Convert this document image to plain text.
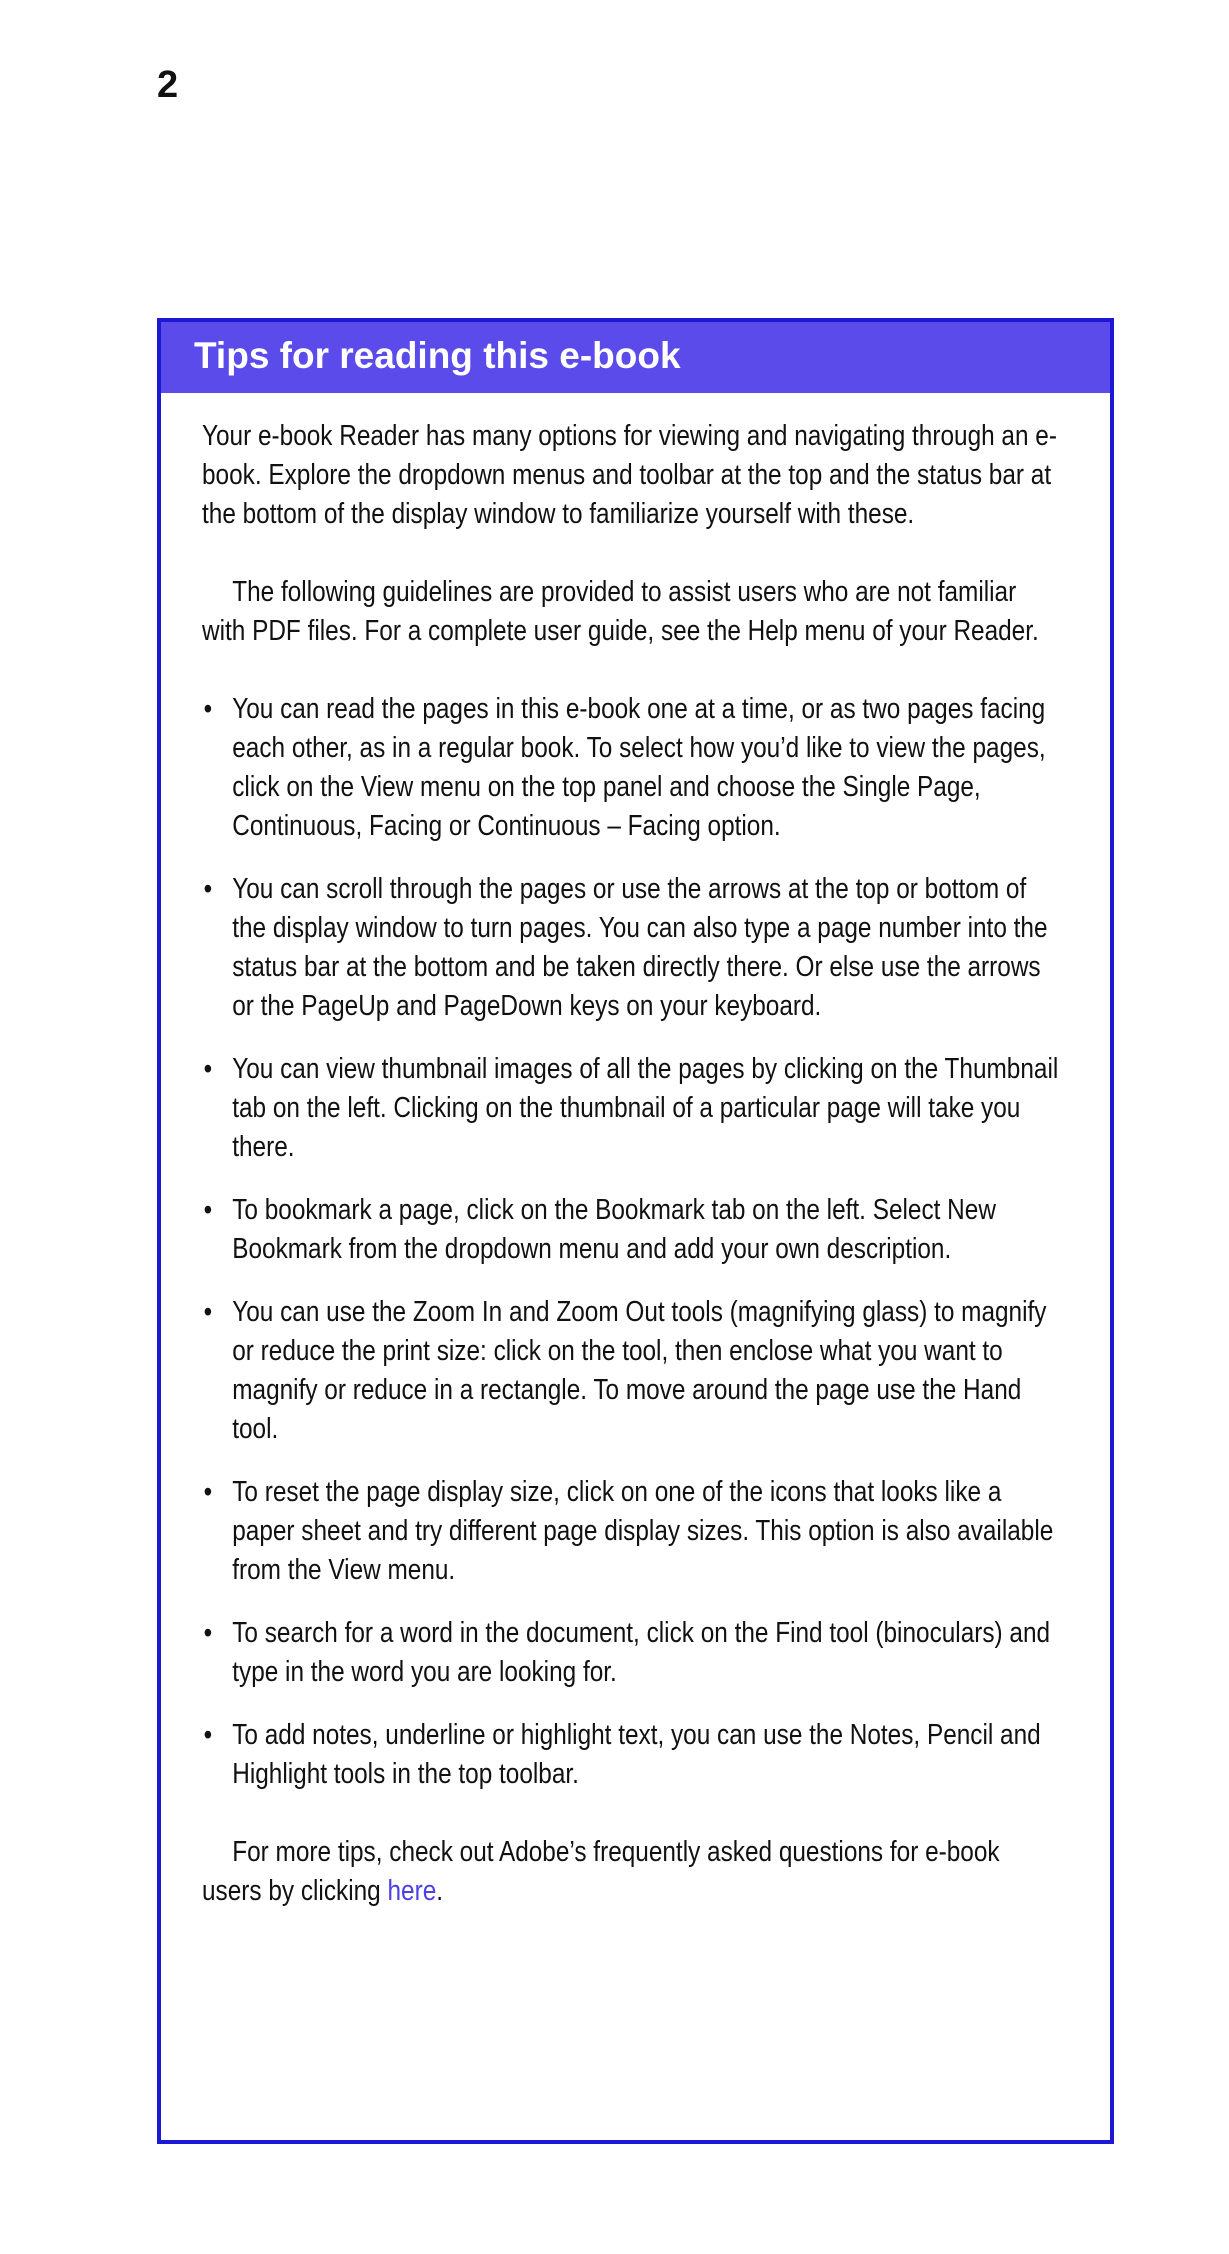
2
Tips for reading this e-book

Your e-book Reader has many options for viewing and navigating through an e-book. Explore the dropdown menus and toolbar at the top and the status bar at the bottom of the display window to familiarize yourself with these.

The following guidelines are provided to assist users who are not familiar with PDF files. For a complete user guide, see the Help menu of your Reader.

• You can read the pages in this e-book one at a time, or as two pages facing each other, as in a regular book. To select how you’d like to view the pages, click on the View menu on the top panel and choose the Single Page, Continuous, Facing or Continuous – Facing option.
• You can scroll through the pages or use the arrows at the top or bottom of the display window to turn pages. You can also type a page number into the status bar at the bottom and be taken directly there. Or else use the arrows or the PageUp and PageDown keys on your keyboard.
• You can view thumbnail images of all the pages by clicking on the Thumbnail tab on the left. Clicking on the thumbnail of a particular page will take you there.
• To bookmark a page, click on the Bookmark tab on the left. Select New Bookmark from the dropdown menu and add your own description.
• You can use the Zoom In and Zoom Out tools (magnifying glass) to magnify or reduce the print size: click on the tool, then enclose what you want to magnify or reduce in a rectangle. To move around the page use the Hand tool.
• To reset the page display size, click on one of the icons that looks like a paper sheet and try different page display sizes. This option is also available from the View menu.
• To search for a word in the document, click on the Find tool (binoculars) and type in the word you are looking for.
• To add notes, underline or highlight text, you can use the Notes, Pencil and Highlight tools in the top toolbar.

For more tips, check out Adobe’s frequently asked questions for e-book users by clicking here.
